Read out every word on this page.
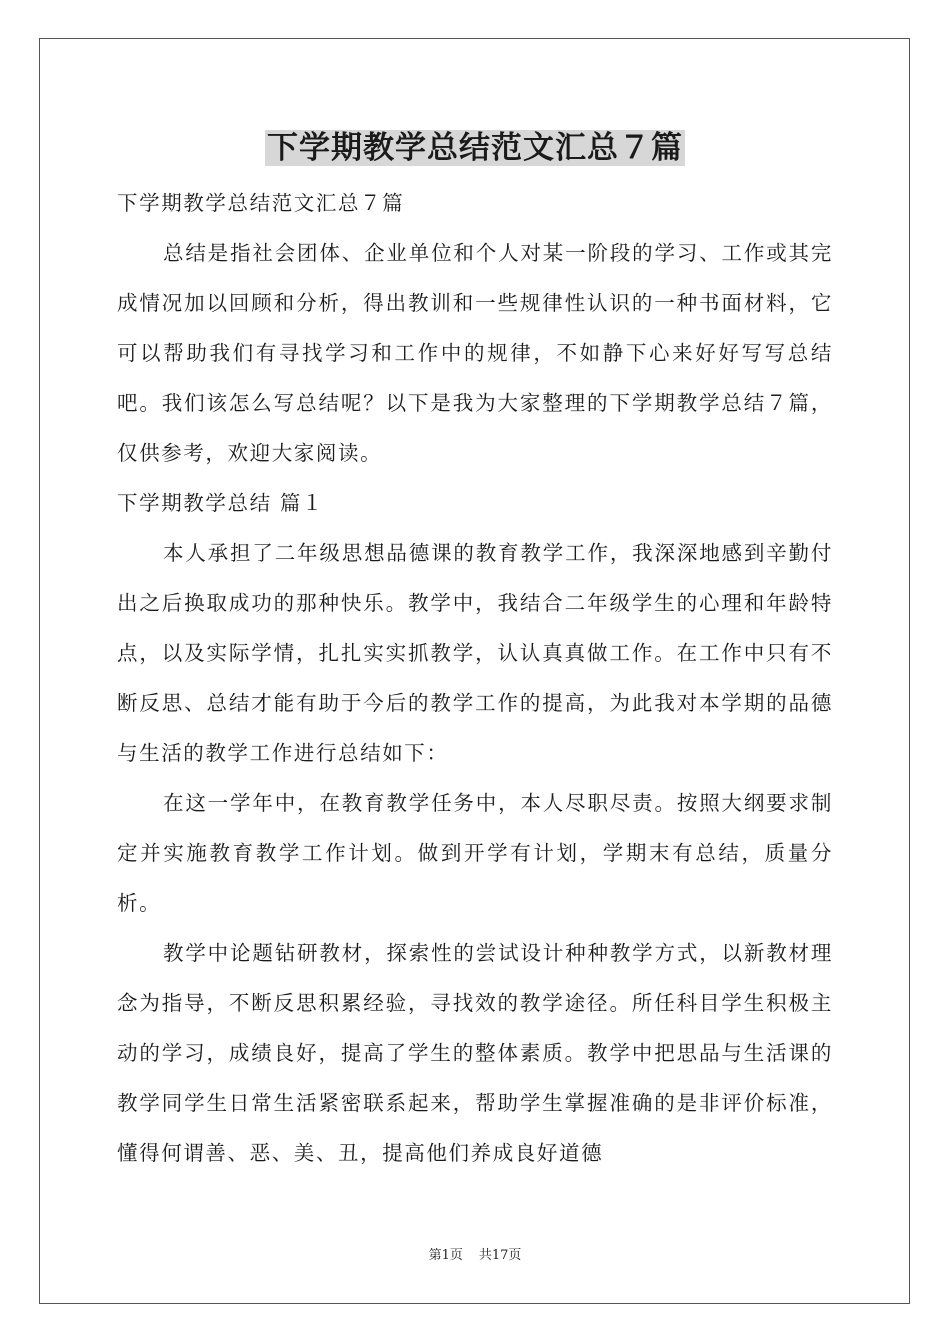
下学期教学总结范文汇总７篇

下学期教学总结范文汇总７篇

总结是指社会团体、企业单位和个人对某一阶段的学习、工作或其完成情况加以回顾和分析，得出教训和一些规律性认识的一种书面材料，它可以帮助我们有寻找学习和工作中的规律，不如静下心来好好写写总结吧。我们该怎么写总结呢？以下是我为大家整理的下学期教学总结７篇，仅供参考，欢迎大家阅读。

下学期教学总结 篇１

本人承担了二年级思想品德课的教育教学工作，我深深地感到辛勤付出之后换取成功的那种快乐。教学中，我结合二年级学生的心理和年龄特点，以及实际学情，扎扎实实抓教学，认认真真做工作。在工作中只有不断反思、总结才能有助于今后的教学工作的提高，为此我对本学期的品德与生活的教学工作进行总结如下：

在这一学年中，在教育教学任务中，本人尽职尽责。按照大纲要求制定并实施教育教学工作计划。做到开学有计划，学期末有总结，质量分析。

教学中论题钻研教材，探索性的尝试设计种种教学方式，以新教材理念为指导，不断反思积累经验，寻找效的教学途径。所任科目学生积极主动的学习，成绩良好，提高了学生的整体素质。教学中把思品与生活课的教学同学生日常生活紧密联系起来，帮助学生掌握准确的是非评价标准，懂得何谓善、恶、美、丑，提高他们养成良好道德

第1页 共17页
